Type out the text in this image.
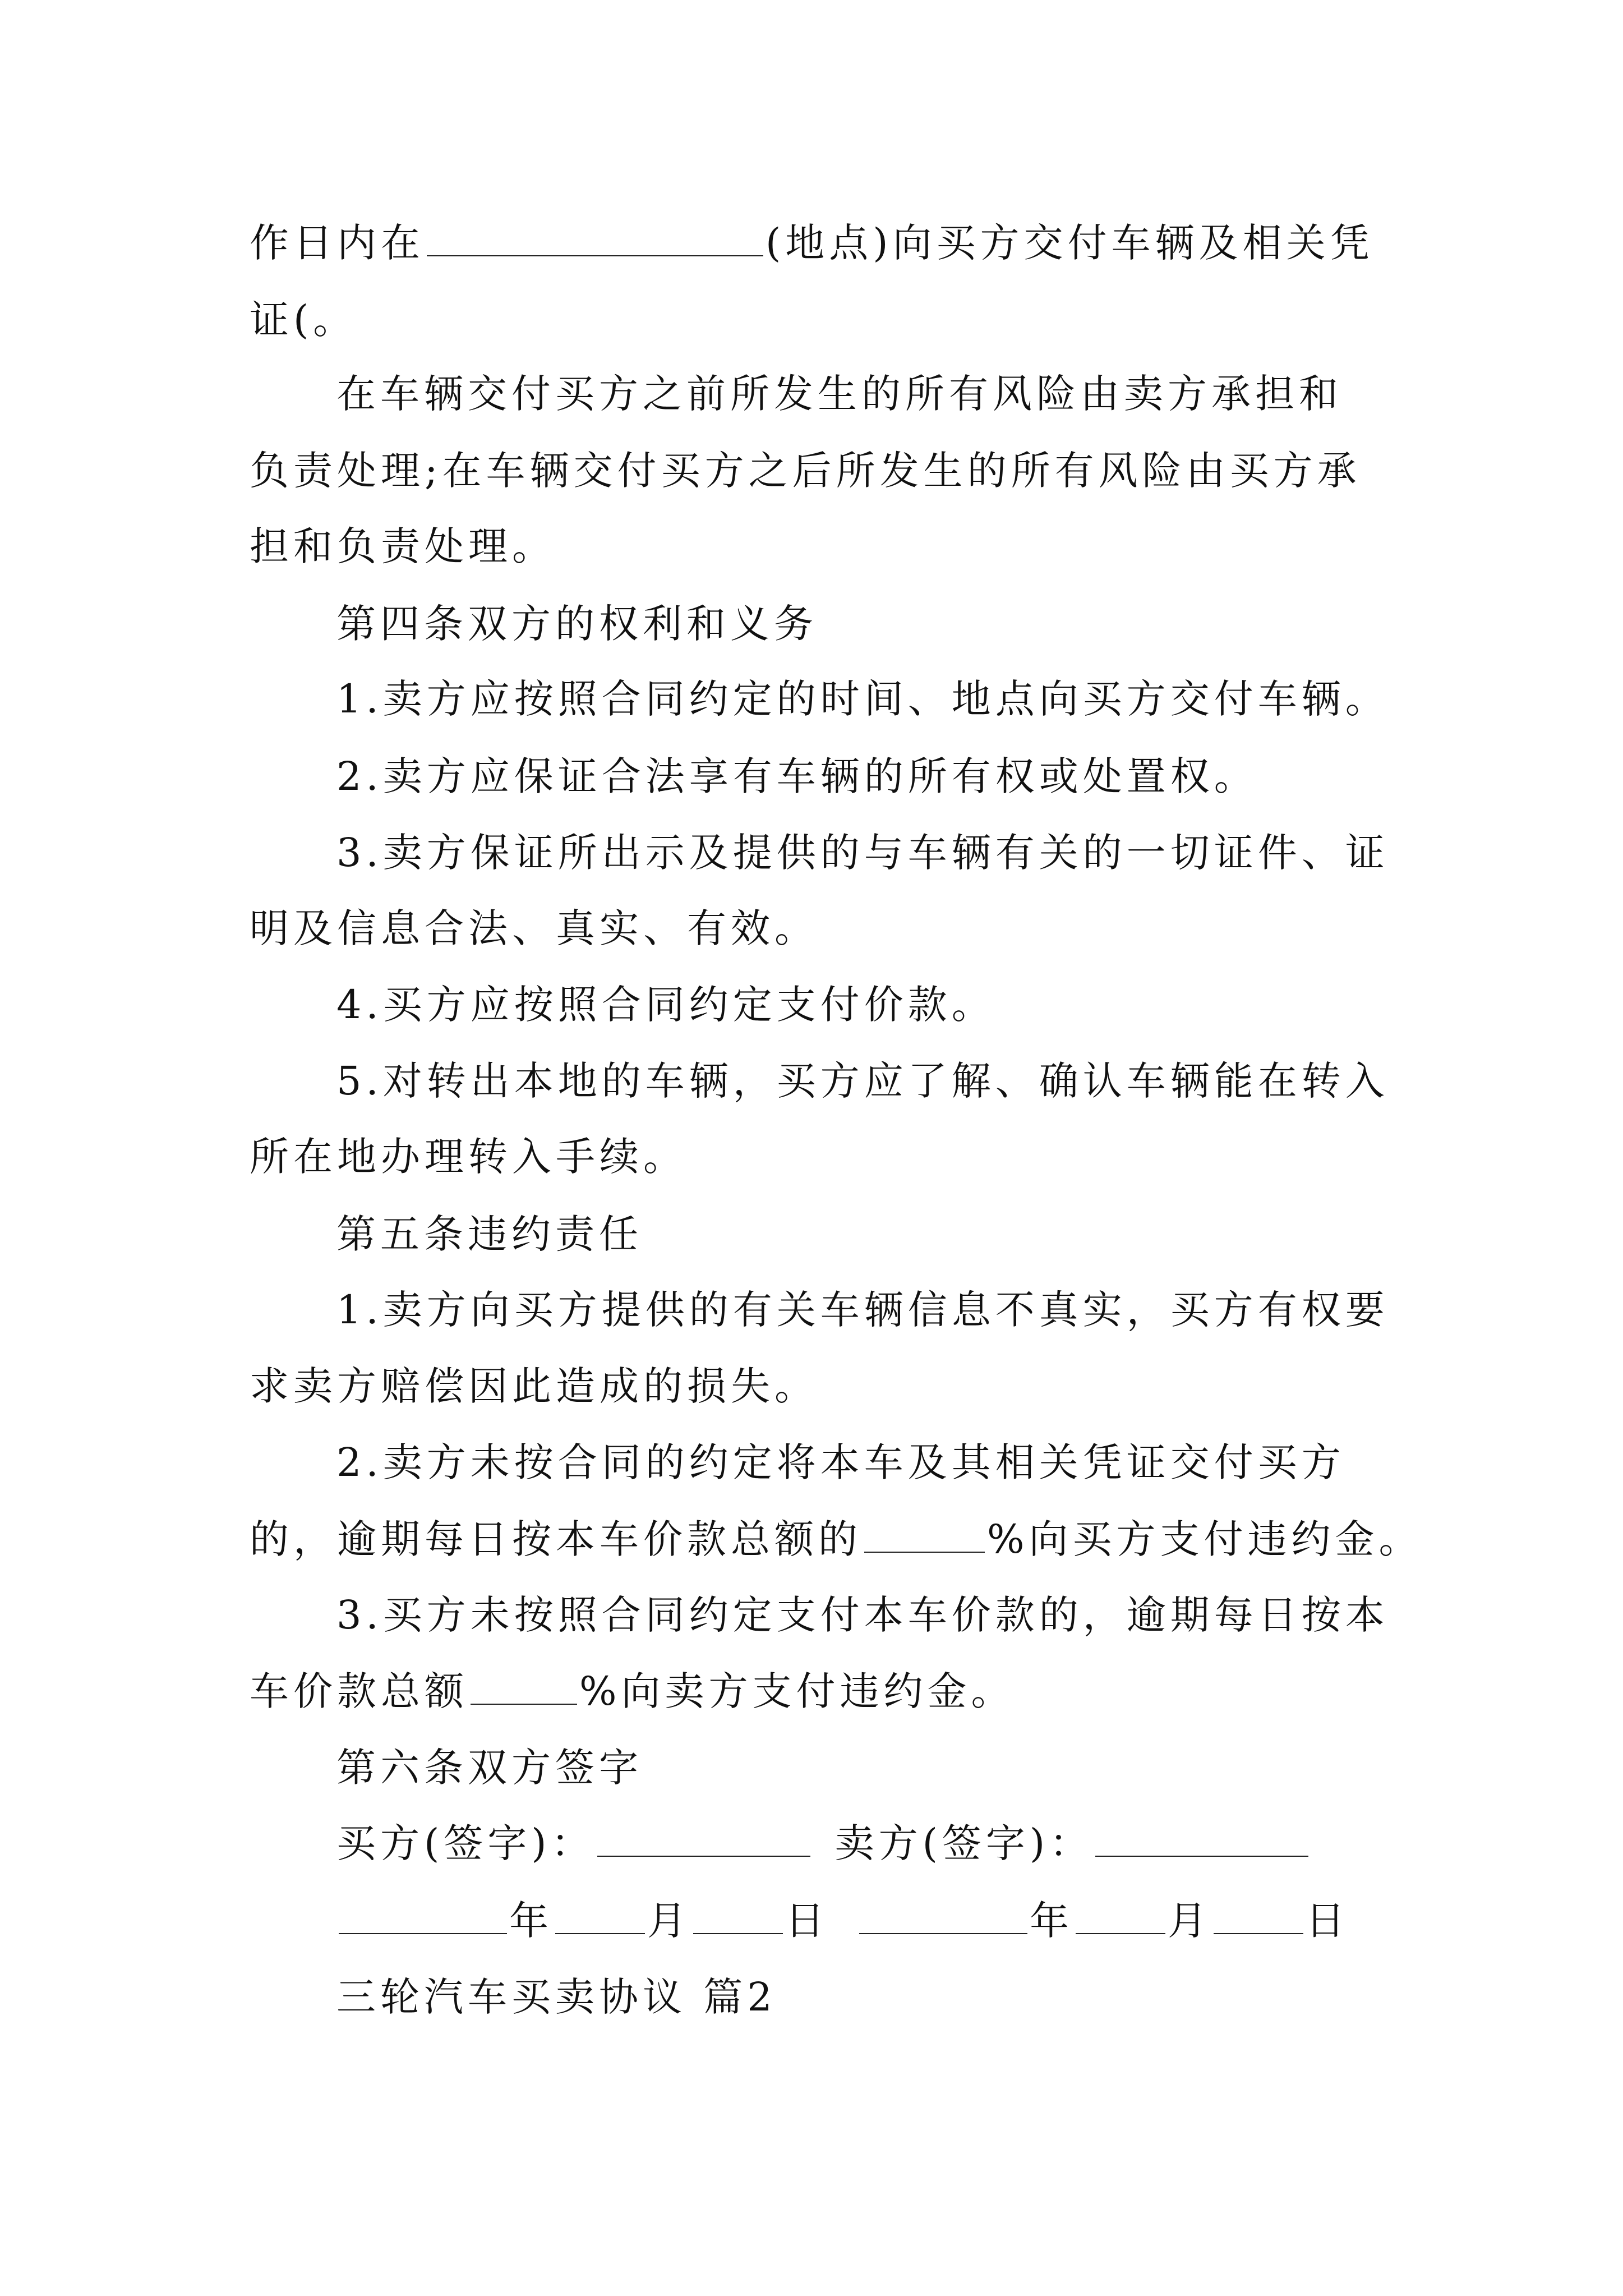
作日内在	(地点)向买方交付车辆及相关凭
证(。
在车辆交付买方之前所发生的所有风险由卖方承担和
负责处理;在车辆交付买方之后所发生的所有风险由买方承
担和负责处理。
第四条双方的权利和义务
1.卖方应按照合同约定的时间、地点向买方交付车辆。
2.卖方应保证合法享有车辆的所有权或处置权。
3.卖方保证所出示及提供的与车辆有关的一切证件、证
明及信息合法、真实、有效。
4.买方应按照合同约定支付价款。
5.对转出本地的车辆，买方应了解、确认车辆能在转入
所在地办理转入手续。
第五条违约责任
1.卖方向买方提供的有关车辆信息不真实，买方有权要
求卖方赔偿因此造成的损失。
2.卖方未按合同的约定将本车及其相关凭证交付买方
的，逾期每日按本车价款总额的	%向买方支付违约金。
3.买方未按照合同约定支付本车价款的，逾期每日按本
车价款总额	%向卖方支付违约金。
第六条双方签字
买方(签字)：	卖方(签字)：
年 月 日	年 月 日
三轮汽车买卖协议 篇2
